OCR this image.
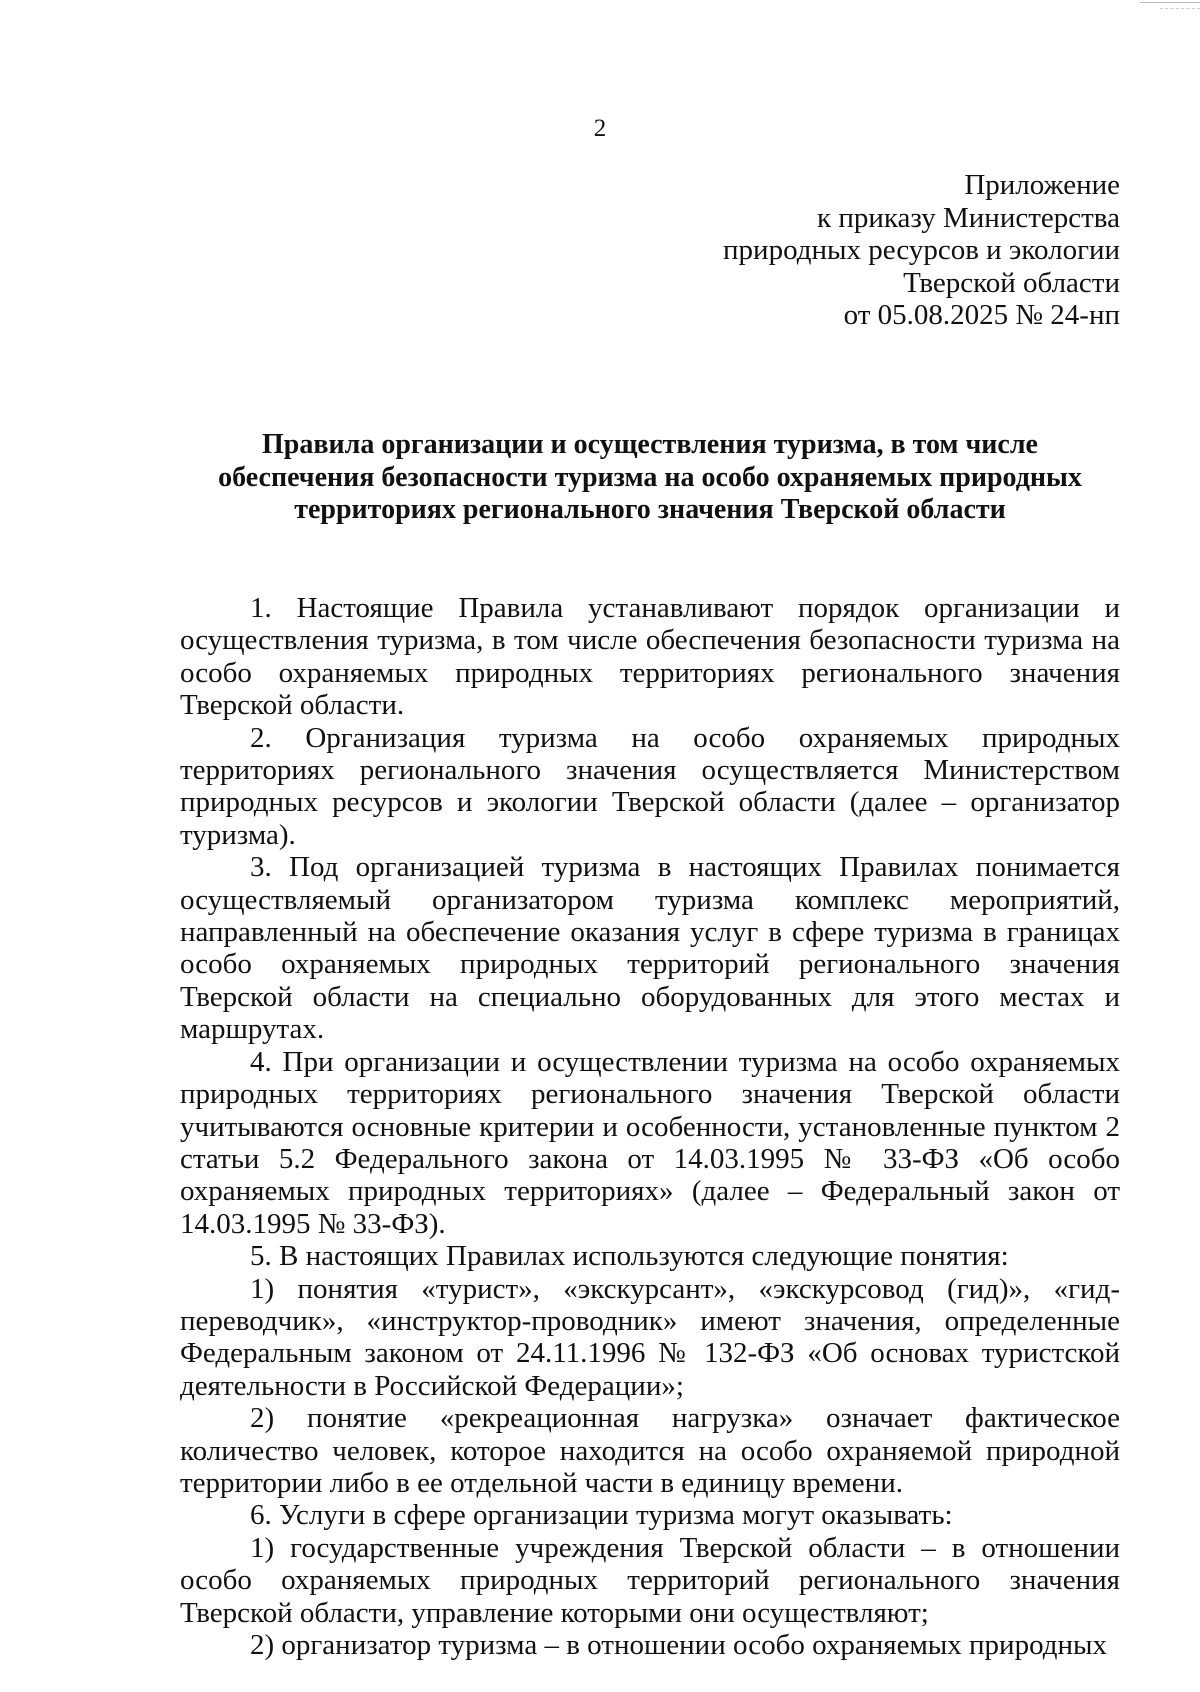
2
Приложение
к приказу Министерства
природных ресурсов и экологии
Тверской области
от 05.08.2025 № 24-нп
Правила организации и осуществления туризма, в том числе
обеспечения безопасности туризма на особо охраняемых природных
территориях регионального значения Тверской области

1. Настоящие Правила устанавливают порядок организации и осуществления туризма, в том числе обеспечения безопасности туризма на особо охраняемых природных территориях регионального значения Тверской области.

2. Организация туризма на особо охраняемых природных территориях регионального значения осуществляется Министерством природных ресурсов и экологии Тверской области (далее – организатор туризма).

3. Под организацией туризма в настоящих Правилах понимается осуществляемый организатором туризма комплекс мероприятий, направленный на обеспечение оказания услуг в сфере туризма в границах особо охраняемых природных территорий регионального значения Тверской области на специально оборудованных для этого местах и маршрутах.

4. При организации и осуществлении туризма на особо охраняемых природных территориях регионального значения Тверской области учитываются основные критерии и особенности, установленные пунктом 2 статьи 5.2 Федерального закона от 14.03.1995 № 33-ФЗ «Об особо охраняемых природных территориях» (далее – Федеральный закон от 14.03.1995 № 33-ФЗ).

5. В настоящих Правилах используются следующие понятия:

1) понятия «турист», «экскурсант», «экскурсовод (гид)», «гид-переводчик», «инструктор-проводник» имеют значения, определенные Федеральным законом от 24.11.1996 № 132-ФЗ «Об основах туристской деятельности в Российской Федерации»;

2) понятие «рекреационная нагрузка» означает фактическое количество человек, которое находится на особо охраняемой природной территории либо в ее отдельной части в единицу времени.

6. Услуги в сфере организации туризма могут оказывать:

1) государственные учреждения Тверской области – в отношении особо охраняемых природных территорий регионального значения Тверской области, управление которыми они осуществляют;

2) организатор туризма – в отношении особо охраняемых природных
